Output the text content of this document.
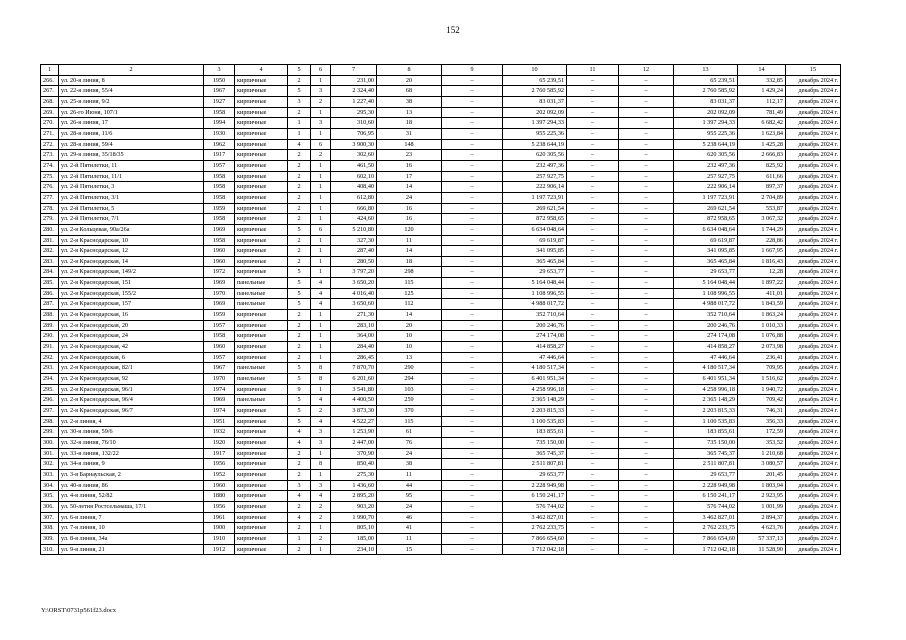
152
1	2	3	4	5	6	7	8	9	10	11	12	13	14	15
266.	ул. 20-я линия, 8	1950	кирпичные	2	1	231,00	20	–	65 239,51	–	–	65 239,51	332,85	декабрь 2024 г.
267.	ул. 22-я линия, 55/4	1967	кирпичные	5	3	2 324,40	68	–	2 760 585,92	–	–	2 760 585,92	1 429,24	декабрь 2024 г.
268.	ул. 25-я линия, 9/2	1927	кирпичные	3	2	1 227,40	38	–	83 031,37	–	–	83 031,37	112,17	декабрь 2024 г.
269.	ул. 26-го Июня, 107/1	1958	кирпичные	2	1	295,30	13	–	202 092,09	–	–	202 092,09	781,49	декабрь 2024 г.
270.	ул. 26-я линия, 17	1994	кирпичные	1	3	310,60	18	–	1 397 294,33	–	–	1 397 294,33	6 682,42	декабрь 2024 г.
271.	ул. 28-я линия, 11/6	1930	кирпичные	1	1	706,95	31	–	955 225,36	–	–	955 225,36	1 623,84	декабрь 2024 г.
272.	ул. 28-я линия, 59/4	1962	кирпичные	4	6	3 900,30	148	–	5 238 644,19	–	–	5 238 644,19	1 425,28	декабрь 2024 г.
273.	ул. 29-я линия, 35/18/35	1917	кирпичные	2	2	302,60	23	–	620 305,56	–	–	620 305,56	2 666,83	декабрь 2024 г.
274.	ул. 2-й Пятилетки, 11	1957	кирпичные	2	1	461,50	16	–	232 497,36	–	–	232 497,36	825,92	декабрь 2024 г.
275.	ул. 2-й Пятилетки, 11/1	1958	кирпичные	2	1	602,10	17	–	257 927,75	–	–	257 927,75	611,66	декабрь 2024 г.
276.	ул. 2-й Пятилетки, 3	1958	кирпичные	2	1	408,40	14	–	222 906,14	–	–	222 906,14	897,37	декабрь 2024 г.
277.	ул. 2-й Пятилетки, 3/1	1958	кирпичные	2	1	612,80	24	–	1 197 723,91	–	–	1 197 723,91	2 704,89	декабрь 2024 г.
278.	ул. 2-й Пятилетки, 5	1959	кирпичные	2	1	666,80	16	–	269 621,54	–	–	269 621,54	553,87	декабрь 2024 г.
279.	ул. 2-й Пятилетки, 7/1	1958	кирпичные	2	1	424,60	16	–	872 958,65	–	–	872 958,65	3 067,32	декабрь 2024 г.
280.	ул. 2-я Кольцевая, 90а/26а	1969	кирпичные	5	6	5 210,80	120	–	6 634 048,64	–	–	6 634 048,64	1 744,29	декабрь 2024 г.
281.	ул. 2-я Краснодарская, 10	1958	кирпичные	2	1	327,30	11	–	69 619,87	–	–	69 619,87	228,86	декабрь 2024 г.
282.	ул. 2-я Краснодарская, 12	1960	кирпичные	2	1	287,40	14	–	341 095,85	–	–	341 095,85	1 667,95	декабрь 2024 г.
283.	ул. 2-я Краснодарская, 14	1960	кирпичные	2	1	280,50	18	–	365 465,84	–	–	365 465,84	1 816,43	декабрь 2024 г.
284.	ул. 2-я Краснодарская, 149/2	1972	кирпичные	5	1	3 797,20	298	–	29 653,77	–	–	29 653,77	12,28	декабрь 2024 г.
285.	ул. 2-я Краснодарская, 151	1969	панельные	5	4	3 650,20	115	–	5 164 048,44	–	–	5 164 048,44	1 897,22	декабрь 2024 г.
286.	ул. 2-я Краснодарская, 155/2	1970	панельные	5	4	4 016,40	125	–	1 108 996,55	–	–	1 108 996,55	411,01	декабрь 2024 г.
287.	ул. 2-я Краснодарская, 157	1969	панельные	5	4	3 650,60	112	–	4 988 017,72	–	–	4 988 017,72	1 843,59	декабрь 2024 г.
288.	ул. 2-я Краснодарская, 16	1959	кирпичные	2	1	271,30	14	–	352 710,64	–	–	352 710,64	1 863,24	декабрь 2024 г.
289.	ул. 2-я Краснодарская, 20	1957	кирпичные	2	1	283,10	20	–	200 246,76	–	–	200 246,76	1 010,33	декабрь 2024 г.
290.	ул. 2-я Краснодарская, 24	1958	кирпичные	2	1	364,00	10	–	274 174,08	–	–	274 174,08	1 076,88	декабрь 2024 г.
291.	ул. 2-я Краснодарская, 42	1960	кирпичные	2	1	284,40	10	–	414 858,27	–	–	414 858,27	2 073,98	декабрь 2024 г.
292.	ул. 2-я Краснодарская, 6	1957	кирпичные	2	1	286,45	13	–	47 446,64	–	–	47 446,64	236,41	декабрь 2024 г.
293.	ул. 2-я Краснодарская, 82/1	1967	панельные	5	8	7 870,70	290	–	4 180 517,34	–	–	4 180 517,34	709,95	декабрь 2024 г.
294.	ул. 2-я Краснодарская, 92	1970	панельные	5	8	6 201,60	294	–	6 401 951,34	–	–	6 401 951,34	1 516,62	декабрь 2024 г.
295.	ул. 2-я Краснодарская, 96/1	1974	кирпичные	9	1	3 541,80	103	–	4 258 996,18	–	–	4 258 996,18	1 940,72	декабрь 2024 г.
296.	ул. 2-я Краснодарская, 96/4	1969	панельные	5	4	4 400,50	259	–	2 365 148,29	–	–	2 365 148,29	709,42	декабрь 2024 г.
297.	ул. 2-я Краснодарская, 96/7	1974	кирпичные	5	2	3 873,30	370	–	2 203 815,33	–	–	2 203 815,33	746,31	декабрь 2024 г.
298.	ул. 2-я линия, 4	1951	кирпичные	5	4	4 522,27	115	–	1 100 535,83	–	–	1 100 535,83	356,33	декабрь 2024 г.
299.	ул. 30-я линия, 59/6	1932	кирпичные	4	3	1 253,90	61	–	183 855,61	–	–	183 855,61	172,59	декабрь 2024 г.
300.	ул. 32-я линия, 76/10	1920	кирпичные	4	3	2 447,00	76	–	735 150,00	–	–	735 150,00	353,52	декабрь 2024 г.
301.	ул. 33-я линия, 132/22	1917	кирпичные	2	1	370,90	24	–	365 745,37	–	–	365 745,37	1 210,68	декабрь 2024 г.
302.	ул. 34-я линия, 9	1956	кирпичные	2	8	850,40	38	–	2 511 807,81	–	–	2 511 807,81	3 080,57	декабрь 2024 г.
303.	ул. 3-я Барнаульская, 2	1952	кирпичные	2	1	275,30	11	–	29 653,77	–	–	29 653,77	201,45	декабрь 2024 г.
304.	ул. 40-я линия, 86	1960	кирпичные	3	3	1 436,60	44	–	2 228 949,98	–	–	2 228 949,98	1 803,94	декабрь 2024 г.
305.	ул. 4-я линия, 52/82	1880	кирпичные	4	4	2 895,20	95	–	6 150 241,17	–	–	6 150 241,17	2 923,95	декабрь 2024 г.
306.	ул. 50-летия Ростсельмаша, 17/1	1956	кирпичные	2	2	903,20	24	–	576 744,02	–	–	576 744,02	1 001,99	декабрь 2024 г.
307.	ул. 6-я линия, 7	1961	кирпичные	4	2	1 990,70	46	–	3 462 827,01	–	–	3 462 827,01	2 894,37	декабрь 2024 г.
308.	ул. 7-я линия, 10	1900	кирпичные	2	1	805,10	41	–	2 762 233,75	–	–	2 762 233,75	4 623,76	декабрь 2024 г.
309.	ул. 8-я линия, 34а	1910	кирпичные	1	2	185,00	11	–	7 866 654,60	–	–	7 866 654,60	57 337,13	декабрь 2024 г.
310.	ул. 9-я линия, 21	1912	кирпичные	2	1	234,10	15	–	1 712 042,18	–	–	1 712 042,18	11 528,90	декабрь 2024 г.
Y:\ORST\0731p561f23.docx
